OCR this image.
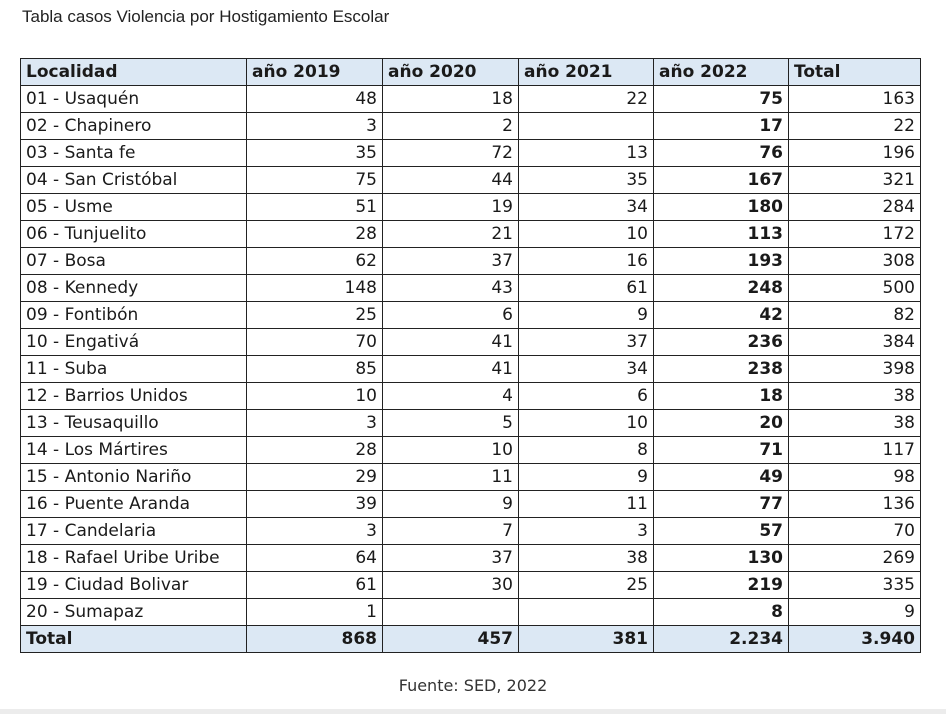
Tabla casos Violencia por Hostigamiento Escolar
Localidad	año 2019	año 2020	año 2021	año 2022	Total
01 - Usaquén	48	18	22	75	163
02 - Chapinero	3	2		17	22
03 - Santa fe	35	72	13	76	196
04 - San Cristóbal	75	44	35	167	321
05 - Usme	51	19	34	180	284
06 - Tunjuelito	28	21	10	113	172
07 - Bosa	62	37	16	193	308
08 - Kennedy	148	43	61	248	500
09 - Fontibón	25	6	9	42	82
10 - Engativá	70	41	37	236	384
11 - Suba	85	41	34	238	398
12 - Barrios Unidos	10	4	6	18	38
13 - Teusaquillo	3	5	10	20	38
14 - Los Mártires	28	10	8	71	117
15 - Antonio Nariño	29	11	9	49	98
16 - Puente Aranda	39	9	11	77	136
17 - Candelaria	3	7	3	57	70
18 - Rafael Uribe Uribe	64	37	38	130	269
19 - Ciudad Bolivar	61	30	25	219	335
20 - Sumapaz	1			8	9
Total	868	457	381	2.234	3.940
Fuente: SED, 2022
